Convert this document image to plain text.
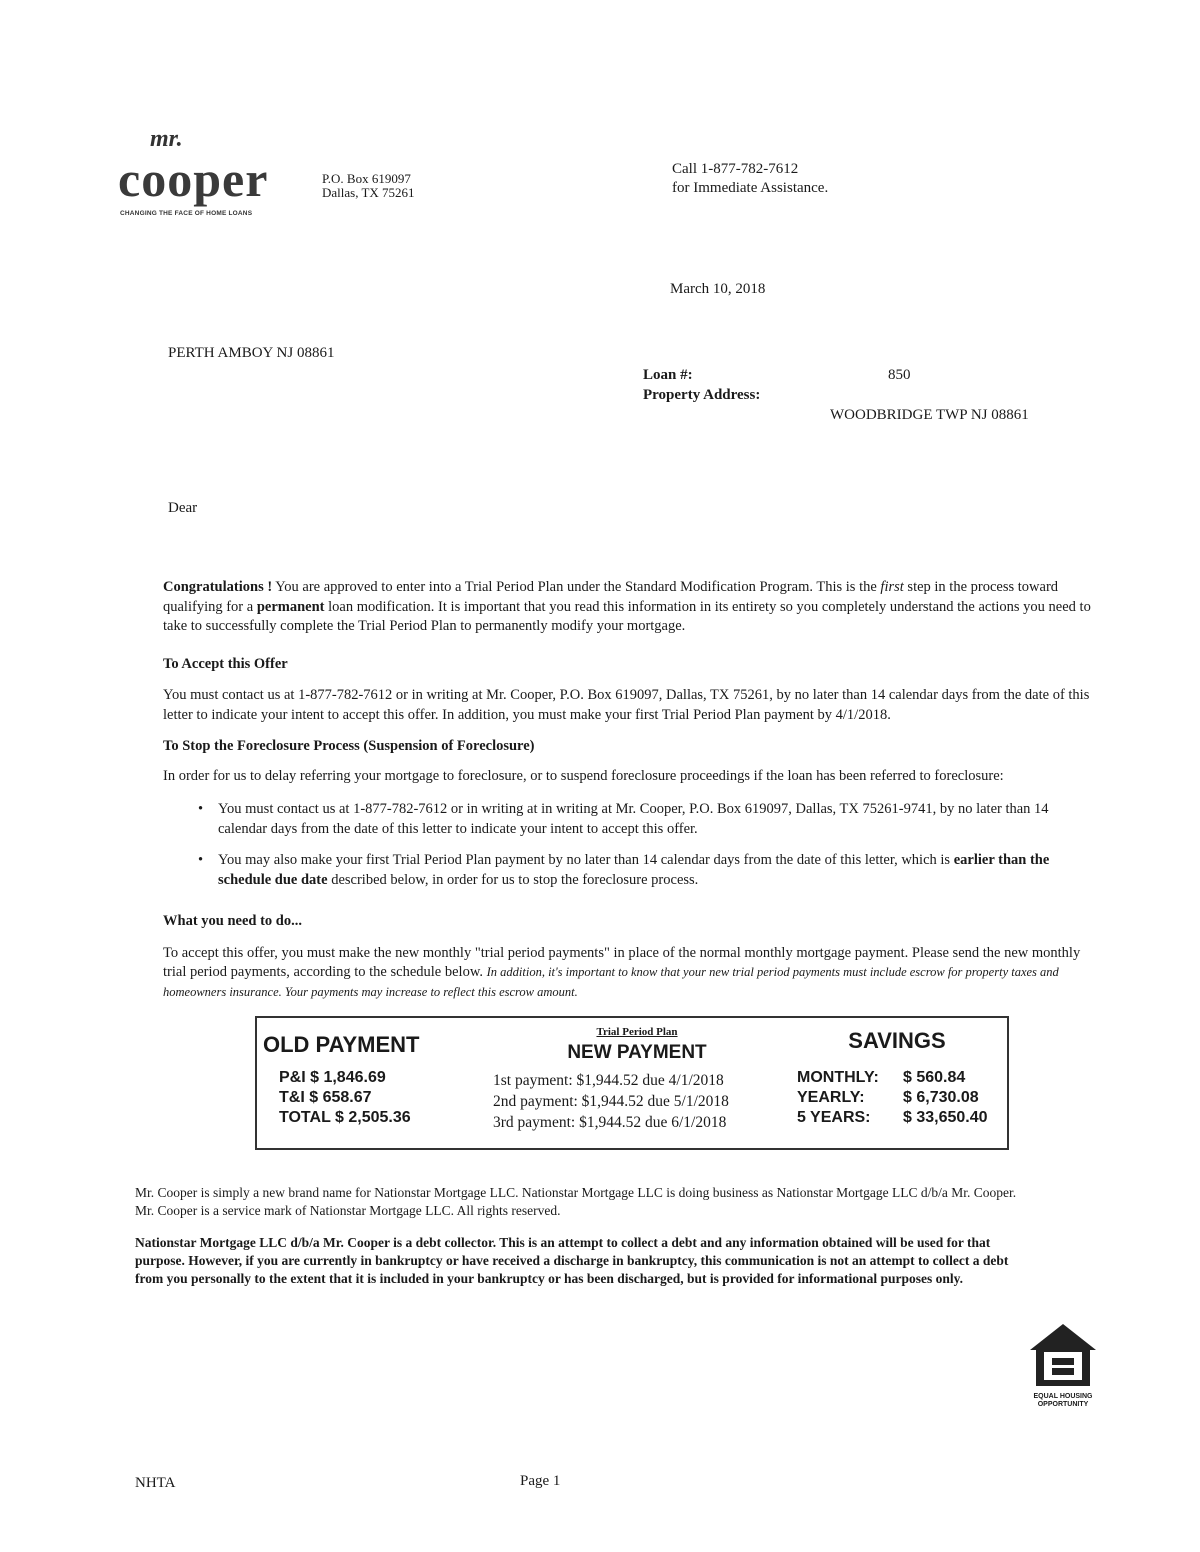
mr.
cooper
CHANGING THE FACE OF HOME LOANS
P.O. Box 619097
Dallas, TX 75261
Call 1-877-782-7612
for Immediate Assistance.
March 10, 2018
PERTH AMBOY NJ 08861
Loan #:	850
Property Address:
WOODBRIDGE TWP NJ 08861
Dear

Congratulations ! You are approved to enter into a Trial Period Plan under the Standard Modification Program. This is the first step in the process toward qualifying for a permanent loan modification. It is important that you read this information in its entirety so you completely understand the actions you need to take to successfully complete the Trial Period Plan to permanently modify your mortgage.

To Accept this Offer

You must contact us at 1-877-782-7612 or in writing at Mr. Cooper, P.O. Box 619097, Dallas, TX 75261, by no later than 14 calendar days from the date of this letter to indicate your intent to accept this offer. In addition, you must make your first Trial Period Plan payment by 4/1/2018.

To Stop the Foreclosure Process (Suspension of Foreclosure)

In order for us to delay referring your mortgage to foreclosure, or to suspend foreclosure proceedings if the loan has been referred to foreclosure:

• You must contact us at 1-877-782-7612 or in writing at in writing at Mr. Cooper, P.O. Box 619097, Dallas, TX 75261-9741, by no later than 14 calendar days from the date of this letter to indicate your intent to accept this offer.
• You may also make your first Trial Period Plan payment by no later than 14 calendar days from the date of this letter, which is earlier than the schedule due date described below, in order for us to stop the foreclosure process.
What you need to do...

To accept this offer, you must make the new monthly "trial period payments" in place of the normal monthly mortgage payment. Please send the new monthly trial period payments, according to the schedule below. In addition, it's important to know that your new trial period payments must include escrow for property taxes and homeowners insurance. Your payments may increase to reflect this escrow amount.

OLD PAYMENT
P&I $ 1,846.69
T&I $ 658.67
TOTAL $ 2,505.36
Trial Period Plan
NEW PAYMENT
1st payment: $1,944.52 due 4/1/2018
2nd payment: $1,944.52 due 5/1/2018
3rd payment: $1,944.52 due 6/1/2018
SAVINGS
MONTHLY: $ 560.84
YEARLY: $ 6,730.08
5 YEARS: $ 33,650.40

Mr. Cooper is simply a new brand name for Nationstar Mortgage LLC. Nationstar Mortgage LLC is doing business as Nationstar Mortgage LLC d/b/a Mr. Cooper. Mr. Cooper is a service mark of Nationstar Mortgage LLC. All rights reserved.

Nationstar Mortgage LLC d/b/a Mr. Cooper is a debt collector. This is an attempt to collect a debt and any information obtained will be used for that purpose. However, if you are currently in bankruptcy or have received a discharge in bankruptcy, this communication is not an attempt to collect a debt from you personally to the extent that it is included in your bankruptcy or has been discharged, but is provided for informational purposes only.

EQUAL HOUSING OPPORTUNITY
NHTA	Page 1
